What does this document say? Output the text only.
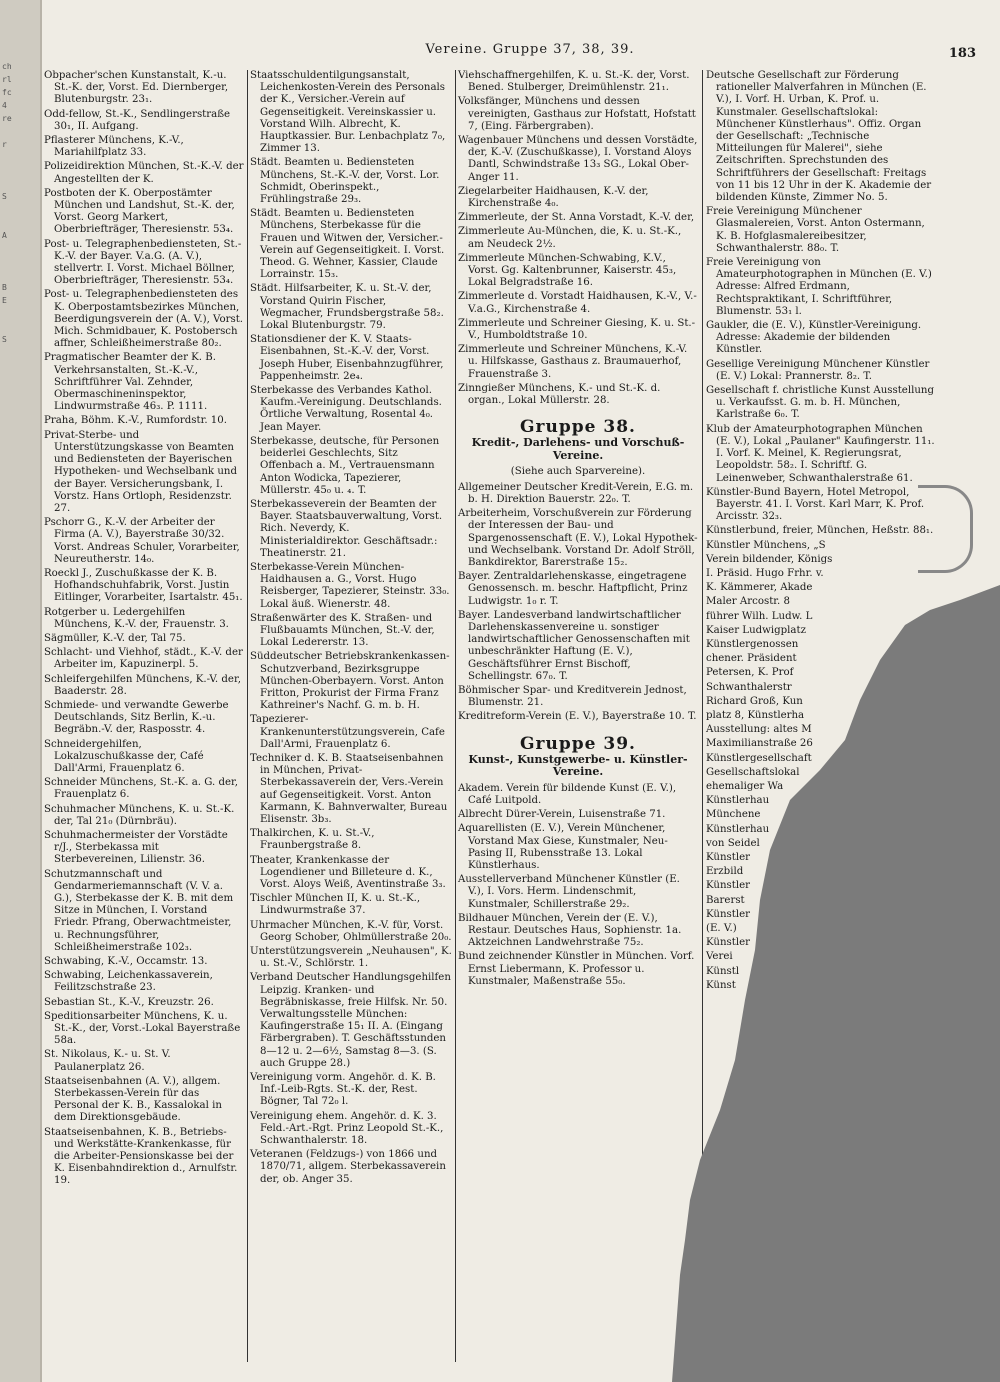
ch
rl
fc
4
re

r

S

A

B
E

S
Vereine. Gruppe 37, 38, 39.	183
Obpacher'schen Kunstanstalt, K.-u. St.-K. der, Vorst. Ed. Diernberger, Blutenburgstr. 23₁.
Odd-fellow, St.-K., Sendlingerstraße 30₁, II. Aufgang.
Pflasterer Münchens, K.-V., Mariahilfplatz 33.
Polizeidirektion München, St.-K.-V. der Angestellten der K.
Postboten der K. Oberpostämter München und Landshut, St.-K. der, Vorst. Georg Markert, Oberbriefträger, Theresienstr. 53₄.
Post- u. Telegraphenbediensteten, St.-K.-V. der Bayer. V.a.G. (A. V.), stellvertr. I. Vorst. Michael Böllner, Oberbriefträger, Theresienstr. 53₄.
Post- u. Telegraphenbediensteten des K. Oberpostamtsbezirkes München, Beerdigungsverein der (A. V.), Vorst. Mich. Schmidbauer, K. Postobersch affner, Schleißheimerstraße 80₂.
Pragmatischer Beamter der K. B. Verkehrsanstalten, St.-K.-V., Schriftführer Val. Zehnder, Obermaschineninspektor, Lindwurmstraße 46₃. P. 1111.
Praha, Böhm. K.-V., Rumfordstr. 10.
Privat-Sterbe- und Unterstützungskasse von Beamten und Bediensteten der Bayerischen Hypotheken- und Wechselbank und der Bayer. Versicherungsbank, I. Vorstz. Hans Ortloph, Residenzstr. 27.
Pschorr G., K.-V. der Arbeiter der Firma (A. V.), Bayerstraße 30/32. Vorst. Andreas Schuler, Vorarbeiter, Neureutherstr. 14₀.
Roeckl J., Zuschußkasse der K. B. Hofhandschuhfabrik, Vorst. Justin Eitlinger, Vorarbeiter, Isartalstr. 45₁.
Rotgerber u. Ledergehilfen Münchens, K.-V. der, Frauenstr. 3.
Sägmüller, K.-V. der, Tal 75.
Schlacht- und Viehhof, städt., K.-V. der Arbeiter im, Kapuzinerpl. 5.
Schleifergehilfen Münchens, K.-V. der, Baaderstr. 28.
Schmiede- und verwandte Gewerbe Deutschlands, Sitz Berlin, K.-u. Begräbn.-V. der, Rasposstr. 4.
Schneidergehilfen, Lokalzuschußkasse der, Café Dall'Armi, Frauenplatz 6.
Schneider Münchens, St.-K. a. G. der, Frauenplatz 6.
Schuhmacher Münchens, K. u. St.-K. der, Tal 21₀ (Dürnbräu).
Schuhmachermeister der Vorstädte r/J., Sterbekassa mit Sterbevereinen, Lilienstr. 36.
Schutzmannschaft und Gendarmeriemannschaft (V. V. a. G.), Sterbekasse der K. B. mit dem Sitze in München, I. Vorstand Friedr. Pfrang, Oberwachtmeister, u. Rechnungsführer, Schleißheimerstraße 102₃.
Schwabing, K.-V., Occamstr. 13.
Schwabing, Leichenkassaverein, Feilitzschstraße 23.
Sebastian St., K.-V., Kreuzstr. 26.
Speditionsarbeiter Münchens, K. u. St.-K., der, Vorst.-Lokal Bayerstraße 58a.
St. Nikolaus, K.- u. St. V. Paulanerplatz 26.
Staatseisenbahnen (A. V.), allgem. Sterbekassen-Verein für das Personal der K. B., Kassalokal in dem Direktionsgebäude.
Staatseisenbahnen, K. B., Betriebs- und Werkstätte-Krankenkasse, für die Arbeiter-Pensionskasse bei der K. Eisenbahndirektion d., Arnulfstr. 19.
Staatsschuldentilgungsanstalt, Leichenkosten-Verein des Personals der K., Versicher.-Verein auf Gegenseitigkeit. Vereinskassier u. Vorstand Wilh. Albrecht, K. Hauptkassier. Bur. Lenbachplatz 7₀, Zimmer 13.
Städt. Beamten u. Bediensteten Münchens, St.-K.-V. der, Vorst. Lor. Schmidt, Oberinspekt., Frühlingstraße 29₃.
Städt. Beamten u. Bediensteten Münchens, Sterbekasse für die Frauen und Witwen der, Versicher.-Verein auf Gegenseitigkeit. I. Vorst. Theod. G. Wehner, Kassier, Claude Lorrainstr. 15₃.
Städt. Hilfsarbeiter, K. u. St.-V. der, Vorstand Quirin Fischer, Wegmacher, Frundsbergstraße 58₂. Lokal Blutenburgstr. 79.
Stationsdiener der K. V. Staats-Eisenbahnen, St.-K.-V. der, Vorst. Joseph Huber, Eisenbahnzugführer, Pappenheimstr. 2e₄.
Sterbekasse des Verbandes Kathol. Kaufm.-Vereinigung. Deutschlands. Örtliche Verwaltung, Rosental 4₀. Jean Mayer.
Sterbekasse, deutsche, für Personen beiderlei Geschlechts, Sitz Offenbach a. M., Vertrauensmann Anton Wodicka, Tapezierer, Müllerstr. 45₀ u. ₄. T.
Sterbekasseverein der Beamten der Bayer. Staatsbauverwaltung, Vorst. Rich. Neverdy, K. Ministerialdirektor. Geschäftsadr.: Theatinerstr. 21.
Sterbekasse-Verein München-Haidhausen a. G., Vorst. Hugo Reisberger, Tapezierer, Steinstr. 33₀. Lokal äuß. Wienerstr. 48.
Straßenwärter des K. Straßen- und Flußbauamts München, St.-V. der, Lokal Ledererstr. 13.
Süddeutscher Betriebskrankenkassen-Schutzverband, Bezirksgruppe München-Oberbayern. Vorst. Anton Fritton, Prokurist der Firma Franz Kathreiner's Nachf. G. m. b. H.
Tapezierer-Krankenunterstützungsverein, Cafe Dall'Armi, Frauenplatz 6.
Techniker d. K. B. Staatseisenbahnen in München, Privat-Sterbekassaverein der, Vers.-Verein auf Gegenseitigkeit. Vorst. Anton Karmann, K. Bahnverwalter, Bureau Elisenstr. 3b₃.
Thalkirchen, K. u. St.-V., Fraunbergstraße 8.
Theater, Krankenkasse der Logendiener und Billeteure d. K., Vorst. Aloys Weiß, Aventinstraße 3₃.
Tischler München II, K. u. St.-K., Lindwurmstraße 37.
Uhrmacher München, K.-V. für, Vorst. Georg Schober, Ohlmüllerstraße 20₀.
Unterstützungsverein „Neuhausen", K. u. St.-V., Schlörstr. 1.
Verband Deutscher Handlungsgehilfen Leipzig. Kranken- und Begräbniskasse, freie Hilfsk. Nr. 50. Verwaltungsstelle München: Kaufingerstraße 15₁ II. A. (Eingang Färbergraben). T. Geschäftsstunden 8—12 u. 2—6½, Samstag 8—3. (S. auch Gruppe 28.)
Vereinigung vorm. Angehör. d. K. B. Inf.-Leib-Rgts. St.-K. der, Rest. Bögner, Tal 72₀ l.
Vereinigung ehem. Angehör. d. K. 3. Feld.-Art.-Rgt. Prinz Leopold St.-K., Schwanthalerstr. 18.
Veteranen (Feldzugs-) von 1866 und 1870/71, allgem. Sterbekassaverein der, ob. Anger 35.
Viehschaffnergehilfen, K. u. St.-K. der, Vorst. Bened. Stulberger, Dreimühlenstr. 21₁.
Volksfänger, Münchens und dessen vereinigten, Gasthaus zur Hofstatt, Hofstatt 7, (Eing. Färbergraben).
Wagenbauer Münchens und dessen Vorstädte, der, K.-V. (Zuschußkasse), I. Vorstand Aloys Dantl, Schwindstraße 13₃ SG., Lokal Ober-Anger 11.
Ziegelarbeiter Haidhausen, K.-V. der, Kirchenstraße 4₀.
Zimmerleute, der St. Anna Vorstadt, K.-V. der,
Zimmerleute Au-München, die, K. u. St.-K., am Neudeck 2½.
Zimmerleute München-Schwabing, K.V., Vorst. Gg. Kaltenbrunner, Kaiserstr. 45₃, Lokal Belgradstraße 16.
Zimmerleute d. Vorstadt Haidhausen, K.-V., V.-V.a.G., Kirchenstraße 4.
Zimmerleute und Schreiner Giesing, K. u. St.-V., Humboldtstraße 10.
Zimmerleute und Schreiner Münchens, K.-V. u. Hilfskasse, Gasthaus z. Braumauerhof, Frauenstraße 3.
Zinngießer Münchens, K.- und St.-K. d. organ., Lokal Müllerstr. 28.
Gruppe 38.
Kredit-, Darlehens- und Vorschuß-Vereine.
(Siehe auch Sparvereine).
Allgemeiner Deutscher Kredit-Verein, E.G. m. b. H. Direktion Bauerstr. 22₀. T.
Arbeiterheim, Vorschußverein zur Förderung der Interessen der Bau- und Spargenossenschaft (E. V.), Lokal Hypothek- und Wechselbank. Vorstand Dr. Adolf Ströll, Bankdirektor, Barerstraße 15₂.
Bayer. Zentraldarlehenskasse, eingetragene Genossensch. m. beschr. Haftpflicht, Prinz Ludwigstr. 1₀ r. T.
Bayer. Landesverband landwirtschaftlicher Darlehenskassenvereine u. sonstiger landwirtschaftlicher Genossenschaften mit unbeschränkter Haftung (E. V.), Geschäftsführer Ernst Bischoff, Schellingstr. 67₀. T.
Böhmischer Spar- und Kreditverein Jednost, Blumenstr. 21.
Kreditreform-Verein (E. V.), Bayerstraße 10. T.
Gruppe 39.
Kunst-, Kunstgewerbe- u. Künstler-Vereine.
Akadem. Verein für bildende Kunst (E. V.), Café Luitpold.
Albrecht Dürer-Verein, Luisenstraße 71.
Aquarellisten (E. V.), Verein Münchener, Vorstand Max Giese, Kunstmaler, Neu-Pasing II, Rubensstraße 13. Lokal Künstlerhaus.
Ausstellerverband Münchener Künstler (E. V.), I. Vors. Herm. Lindenschmit, Kunstmaler, Schillerstraße 29₂.
Bildhauer München, Verein der (E. V.), Restaur. Deutsches Haus, Sophienstr. 1a. Aktzeichnen Landwehrstraße 75₂.
Bund zeichnender Künstler in München. Vorf. Ernst Liebermann, K. Professor u. Kunstmaler, Maßenstraße 55₀.
Deutsche Gesellschaft zur Förderung rationeller Malverfahren in München (E. V.), I. Vorf. H. Urban, K. Prof. u. Kunstmaler. Gesellschaftslokal: Münchener Künstlerhaus". Offiz. Organ der Gesellschaft: „Technische Mitteilungen für Malerei", siehe Zeitschriften. Sprechstunden des Schriftführers der Gesellschaft: Freitags von 11 bis 12 Uhr in der K. Akademie der bildenden Künste, Zimmer No. 5.
Freie Vereinigung Münchener Glasmalereien, Vorst. Anton Ostermann, K. B. Hofglasmalereibesitzer, Schwanthalerstr. 88₀. T.
Freie Vereinigung von Amateurphotographen in München (E. V.) Adresse: Alfred Erdmann, Rechtspraktikant, I. Schriftführer, Blumenstr. 53₁ l.
Gaukler, die (E. V.), Künstler-Vereinigung. Adresse: Akademie der bildenden Künstler.
Gesellige Vereinigung Münchener Künstler (E. V.) Lokal: Prannerstr. 8₂. T.
Gesellschaft f. christliche Kunst Ausstellung u. Verkaufsst. G. m. b. H. München, Karlstraße 6₀. T.
Klub der Amateurphotographen München (E. V.), Lokal „Paulaner" Kaufingerstr. 11₁. I. Vorf. K. Meinel, K. Regierungsrat, Leopoldstr. 58₂. I. Schriftf. G. Leinenweber, Schwanthalerstraße 61.
Künstler-Bund Bayern, Hotel Metropol, Bayerstr. 41. I. Vorst. Karl Marr, K. Prof. Arcisstr. 32₃.
Künstlerbund, freier, München, Heßstr. 88₁.
Künstler Münchens, „S
Verein bildender, Königs
I. Präsid. Hugo Frhr. v.
K. Kämmerer, Akade
Maler Arcostr. 8
führer Wilh. Ludw. L
Kaiser Ludwigplatz
Künstlergenossen
chener. Präsident
Petersen, K. Prof
Schwanthalerstr
Richard Groß, Kun
platz 8, Künstlerha
Ausstellung: altes M
Maximilianstraße 26
Künstlergesellschaft
Gesellschaftslokal
ehemaliger Wa
Künstlerhau
Münchene
Künstlerhau
von Seidel
Künstler
Erzbild
Künstler
Barerst
Künstler
(E. V.)
Künstler
Verei
Künstl
Künst
